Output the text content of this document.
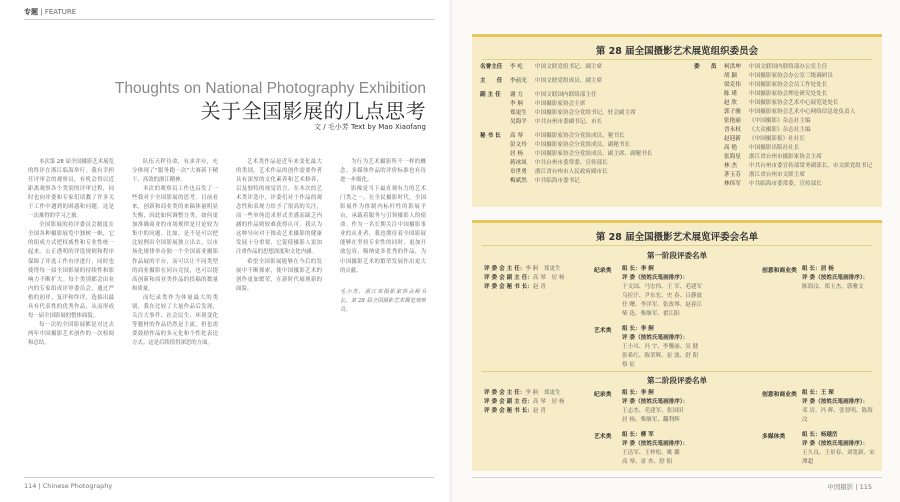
专题 | FEATURE
Thoughts on National Photography Exhibition
关于全国影展的几点思考
文 / 毛小芳 Text by Mao Xiaofang

本次第 28 届全国摄影艺术展览的终评在浙江临海举行。我有幸担任评审会的观察员，有机会得以近距离观察各个类别的评审过程，同时也向评委和专家们请教了许多关于工作中遇到的困惑和问题。这是一次难得的学习之旅。

全国影展的持评委员会制度在全国各种摄影展览中独树一帜，它的组成方式把权威性和专业性统一起来。公正透明的评选规则和程序保障了评选工作有序进行，同时也使得每一届全国影展的持续性和影响力不断扩大。每个类别都会由业内的专家组成评审委员会，通过严格的初评、复评和终评，选拔出最具有代表性的优秀作品，从而形成每一届全国影展的整体面貌。

每一次的全国影展都是对过去两年中国摄影艺术创作的一次检阅和总结。

队伍天秤待命，有求并应，充分体现了“服务跑一次”大赛新下精干、高效的浙江精神。

本次的观察员工作也启发了一些我对于全国影展的思考。目前看来，创新和商业类的来稿体量明显失衡，因此如何调整分类，如何更加准确商业的市场规律是讨论较为集中的问题。比如，是不是可以把比较例出全国影展独立出去，以市场化规律举办独一个全国商业摄影作品展的平台，而可以让不同类型的商业摄影在同台竞技，也可以提高创新和商业类作品的投稿的数量和质量。

而纪录类作为体量最大的类别，我在比较了大量作品后发现，关注大事件、社会民生、环境变化等题材的作品仍然是主流，但也需要鼓励作品的多元化和个性化表达方式。这是后续值得深思的方面。

艺术类作品是近年来变化最大的类别。艺术作品的创作需要作者具有深厚的文化素养和艺术修养，以及独特的视觉语言。在本次的艺术类评选中，评委们对于作品的观念性和表现力给予了很高的关注，而一些单纯追求形式美感而缺乏内涵的作品则较难获得认可。我认为这种导向对于推动艺术摄影的健康发展十分重要，它促使摄影人更加注重作品的思想深度和文化内涵。

希望全国影展能够在今后的发展中不断探索，使中国摄影艺术的创作更加繁荣，在新时代展现新的面貌。

为行为艺术摄影所不一样的概念。多媒体作品的评价标准也有待进一步细化。

影像是当下最直观有力的艺术门类之一。在全民摄影时代，全国影展作为体制内标杆性的影展平台，承载着服务与引领摄影人的使命。作为一名长期关注中国摄影事业的从业者，我也期待着全国影展能够在坚持专业性的同时，更加开放包容，吸纳更多优秀的作品，为中国摄影艺术的繁荣发展作出更大的贡献。

毛小芳，浙江省摄影家协会秘书长，第 28 届全国摄影艺术展览观察员。

114 | Chinese Photography
第 28 届全国摄影艺术展览组织委员会
名誉主任	李 屹	中国文联党组书记、副主席
主　　任	李前光	中国文联党组成员、副主席
副 主 任	谢 力	中国文联国内联络部主任
李 舸	中国摄影家协会主席
郑更生	中国摄影家协会分党组书记、驻会副主席
吴海平	中共台州市委副书记、市长
秘 书 长	高 琴	中国摄影家协会分党组成员、秘书长
彭文玲	中国摄影家协会分党组成员、副秘书长
居 杨	中国摄影家协会分党组成员、副主席、副秘书长
蒋冰凤	中共台州市委常委、宣传部长
章世勇	浙江省台州市人民政府副市长
梅斌然	中共临海市委书记
委　　员	柯洪坤	中国文联国内联络部办公室主任
胡 颖	中国摄影家协会办公室三级调研员
梁克伟	中国摄影家协会会员工作处处长
陈 瑾	中国摄影家协会理论研究处处长
赵 欣	中国摄影家协会艺术中心展览处处长
郭子骏	中国摄影家协会艺术中心网络信息处负责人
张艳丽	《中国摄影》杂志社主编
晋永权	《大众摄影》杂志社主编
赵迎新	《中国摄影报》社社长
高 艳	中国摄影出版社社长
张海星	浙江省台州市摄影家协会主席
林 杰	中共台州市委宣传部常务副部长、市文联党组书记
茅玉芬	浙江省台州市文联主席
林伟军	中共临海市委常委、宣传部长
第 28 届全国摄影艺术展览评委会名单
第一阶段评委名单
评 委 会 主 任：李 舸　郑更生
评 委 会 副 主 任：高 琴　居 杨
评 委 会 秘 书 长：赵 青
纪录类 组 长：李 舸
评 委（按姓氏笔画排序）：
于文国、马宏伟、王 军、毛建军
乌拉汗、尹东宏、史 春、吕静波
任 曙、李洋军、张改琴、赵春江
柴 选、柴继军、翟江阳
艺术类 组 长：李 舸
评 委（按姓氏笔画排序）：
王小川、冯 宇、李馨丽、吴 健
张希红、陈荣辉、崔 波、舒 阳
蔡 征
创意和商业类 组 长：居 杨
评 委（按姓氏笔画排序）：
陈海汶、郑玉杰、郭雅文
第二阶段评委名单
评 委 会 主 任：李 舸　郑更生
评 委 会 副 主 任：高 琴　居 杨
评 委 会 秘 书 长：赵 青
纪录类 组 长：李 舸
评 委（按姓氏笔画排序）：
王志杰、毛建军、张国田
居 杨、柴继军、翻利辉
艺术类 组 长：柳 军
评 委（按姓氏笔画排序）：
王达军、王梓松、姚 璐
高 琴、童 杏、舒 阳
创意和商业类 组 长：王 琛
评 委（按姓氏笔画排序）：
邓 岩、冯 辉、张智明、陈海汶
多媒体类	组 长：杨越峦
评 委（按姓氏笔画排序）：
王久良、王景春、刘宽新、宋潭超
中国摄影 | 115
